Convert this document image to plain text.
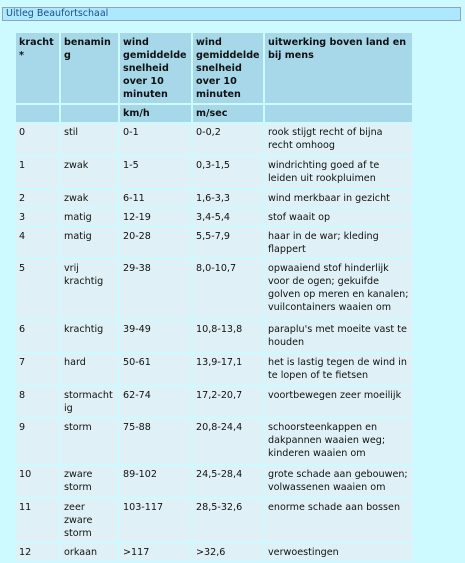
Uitleg Beaufortschaal
kracht*	benaming	wind gemiddelde snelheid over 10 minuten	wind gemiddelde snelheid over 10 minuten	uitwerking boven land en bij mens
		km/h	m/sec	
0	stil	0-1	0-0,2	rook stijgt recht of bijna recht omhoog
1	zwak	1-5	0,3-1,5	windrichting goed af te leiden uit rookpluimen
2	zwak	6-11	1,6-3,3	wind merkbaar in gezicht
3	matig	12-19	3,4-5,4	stof waait op
4	matig	20-28	5,5-7,9	haar in de war; kleding flappert
5	vrij krachtig	29-38	8,0-10,7	opwaaiend stof hinderlijk voor de ogen; gekuifde golven op meren en kanalen; vuilcontainers waaien om
6	krachtig	39-49	10,8-13,8	paraplu's met moeite vast te houden
7	hard	50-61	13,9-17,1	het is lastig tegen de wind in te lopen of te fietsen
8	stormachtig	62-74	17,2-20,7	voortbewegen zeer moeilijk
9	storm	75-88	20,8-24,4	schoorsteenkappen en dakpannen waaien weg; kinderen waaien om
10	zware storm	89-102	24,5-28,4	grote schade aan gebouwen; volwassenen waaien om
11	zeer zware storm	103-117	28,5-32,6	enorme schade aan bossen
12	orkaan	>117	>32,6	verwoestingen
